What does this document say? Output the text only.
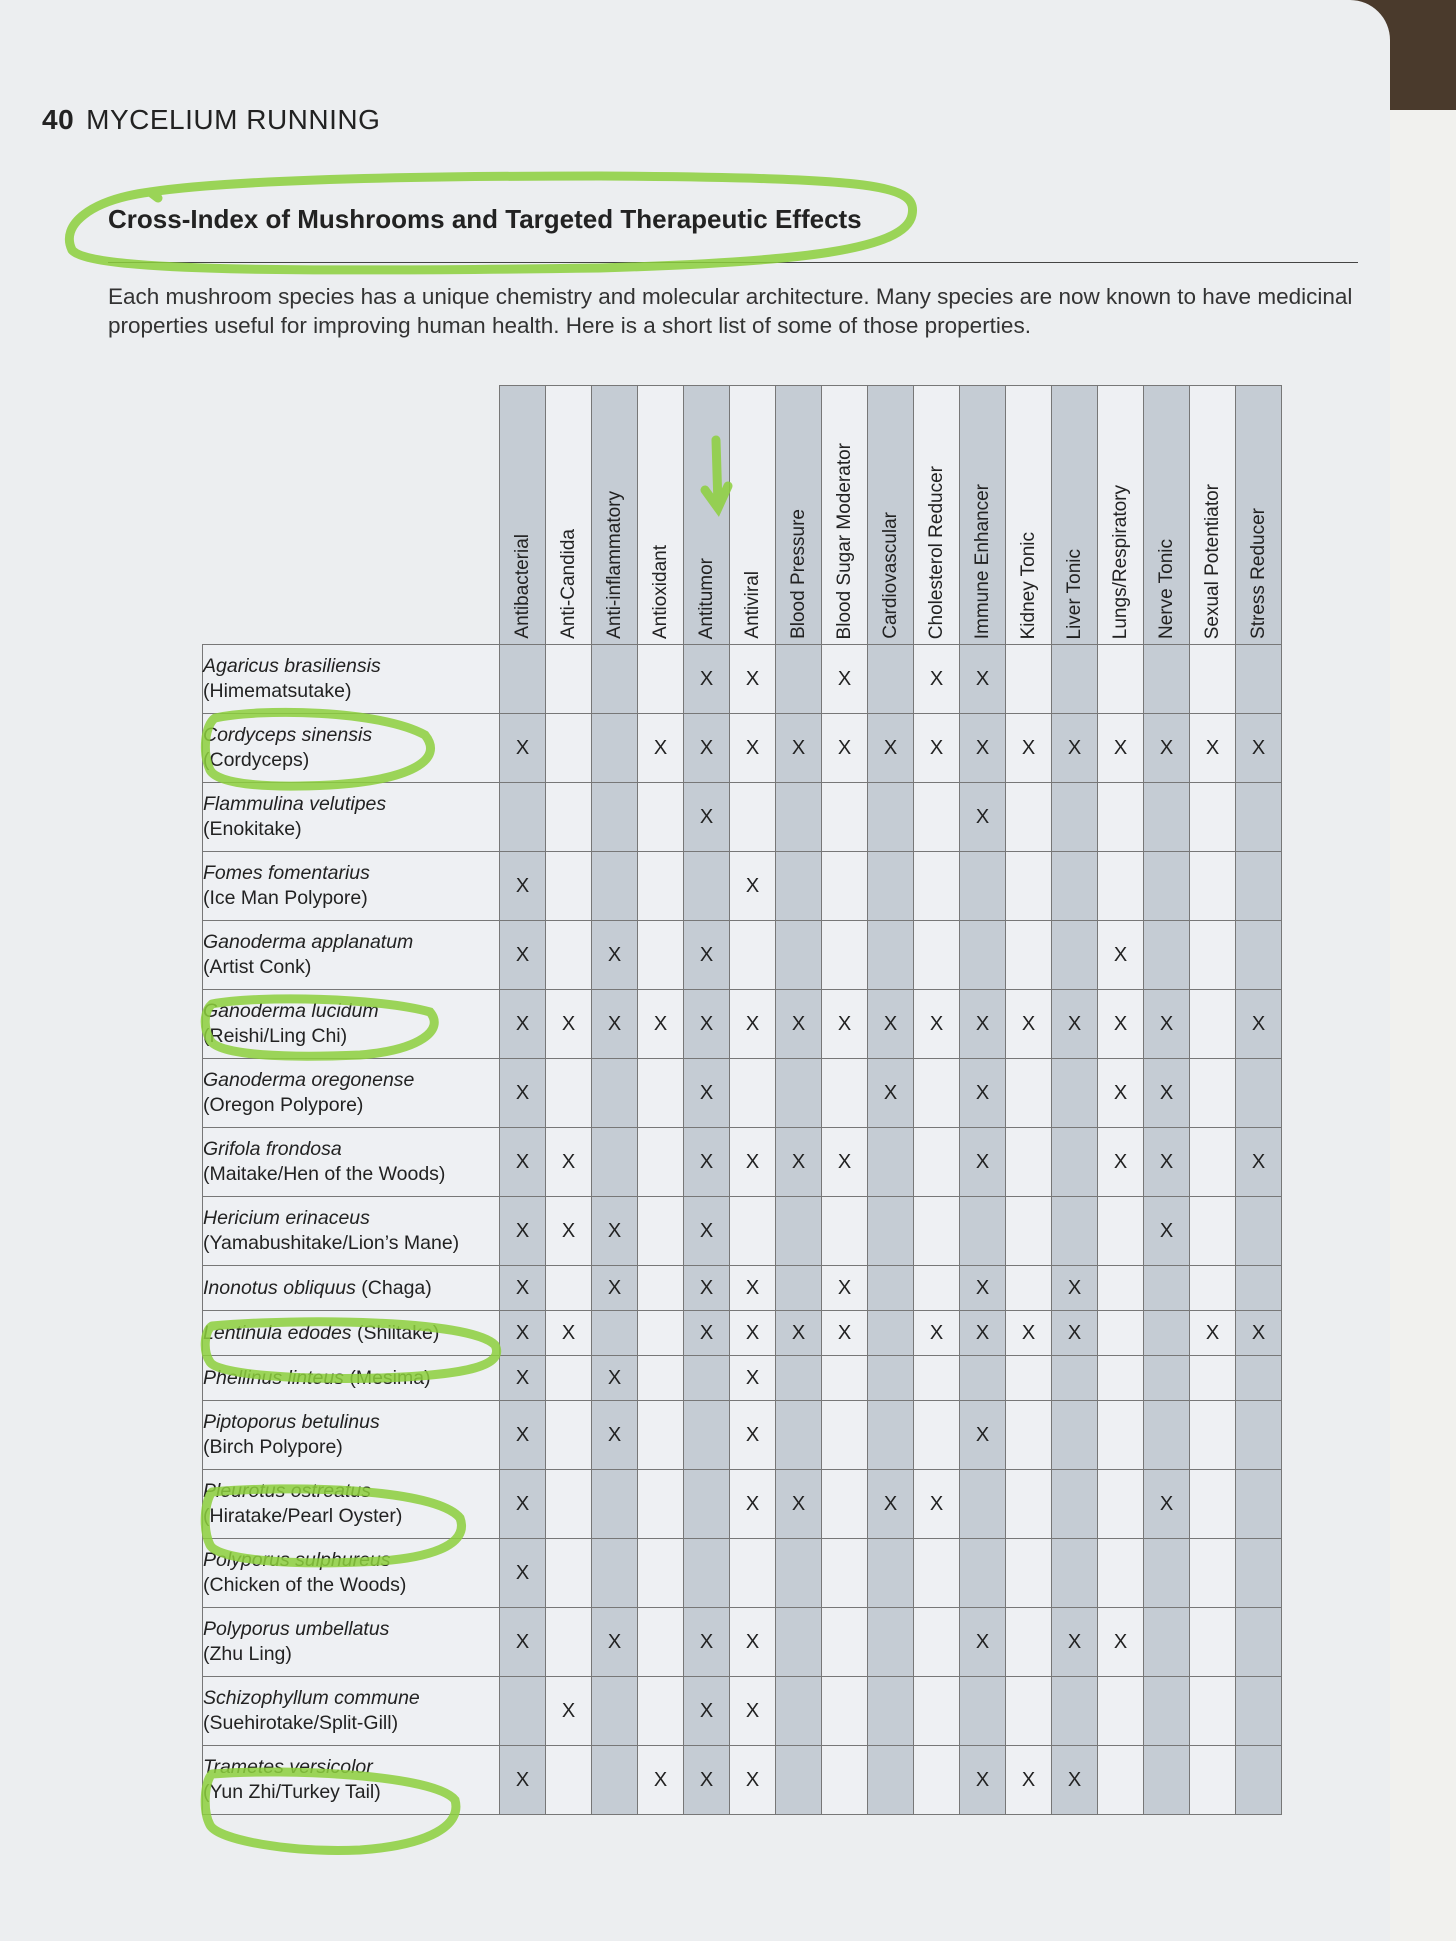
40 MYCELIUM RUNNING
Cross-Index of Mushrooms and Targeted Therapeutic Effects
Each mushroom species has a unique chemistry and molecular architecture. Many species are now known to have medicinal properties useful for improving human health. Here is a short list of some of those properties.
	Antibacterial	Anti-Candida	Anti-inflammatory	Antioxidant	Antitumor	Antiviral	Blood Pressure	Blood Sugar Moderator	Cardiovascular	Cholesterol Reducer	Immune Enhancer	Kidney Tonic	Liver Tonic	Lungs/Respiratory	Nerve Tonic	Sexual Potentiator	Stress Reducer
Agaricus brasiliensis
(Himematsutake)					X	X		X		X	X						
Cordyceps sinensis
(Cordyceps)	X			X	X	X	X	X	X	X	X	X	X	X	X	X	X
Flammulina velutipes
(Enokitake)					X						X						
Fomes fomentarius
(Ice Man Polypore)	X					X											
Ganoderma applanatum
(Artist Conk)	X		X		X									X			
Ganoderma lucidum
(Reishi/Ling Chi)	X	X	X	X	X	X	X	X	X	X	X	X	X	X	X		X
Ganoderma oregonense
(Oregon Polypore)	X				X				X		X			X	X		
Grifola frondosa
(Maitake/Hen of the Woods)	X	X			X	X	X	X			X			X	X		X
Hericium erinaceus
(Yamabushitake/Lion’s Mane)	X	X	X		X										X		
Inonotus obliquus (Chaga)	X		X		X	X		X			X		X				
Lentinula edodes (Shiitake)	X	X			X	X	X	X		X	X	X	X			X	X
Phellinus linteus (Mesima)	X		X			X											
Piptoporus betulinus
(Birch Polypore)	X		X			X					X						
Pleurotus ostreatus
(Hiratake/Pearl Oyster)	X					X	X		X	X					X		
Polyporus sulphureus
(Chicken of the Woods)	X																
Polyporus umbellatus
(Zhu Ling)	X		X		X	X					X		X	X			
Schizophyllum commune
(Suehirotake/Split-Gill)		X			X	X											
Trametes versicolor
(Yun Zhi/Turkey Tail)	X			X	X	X					X	X	X				
